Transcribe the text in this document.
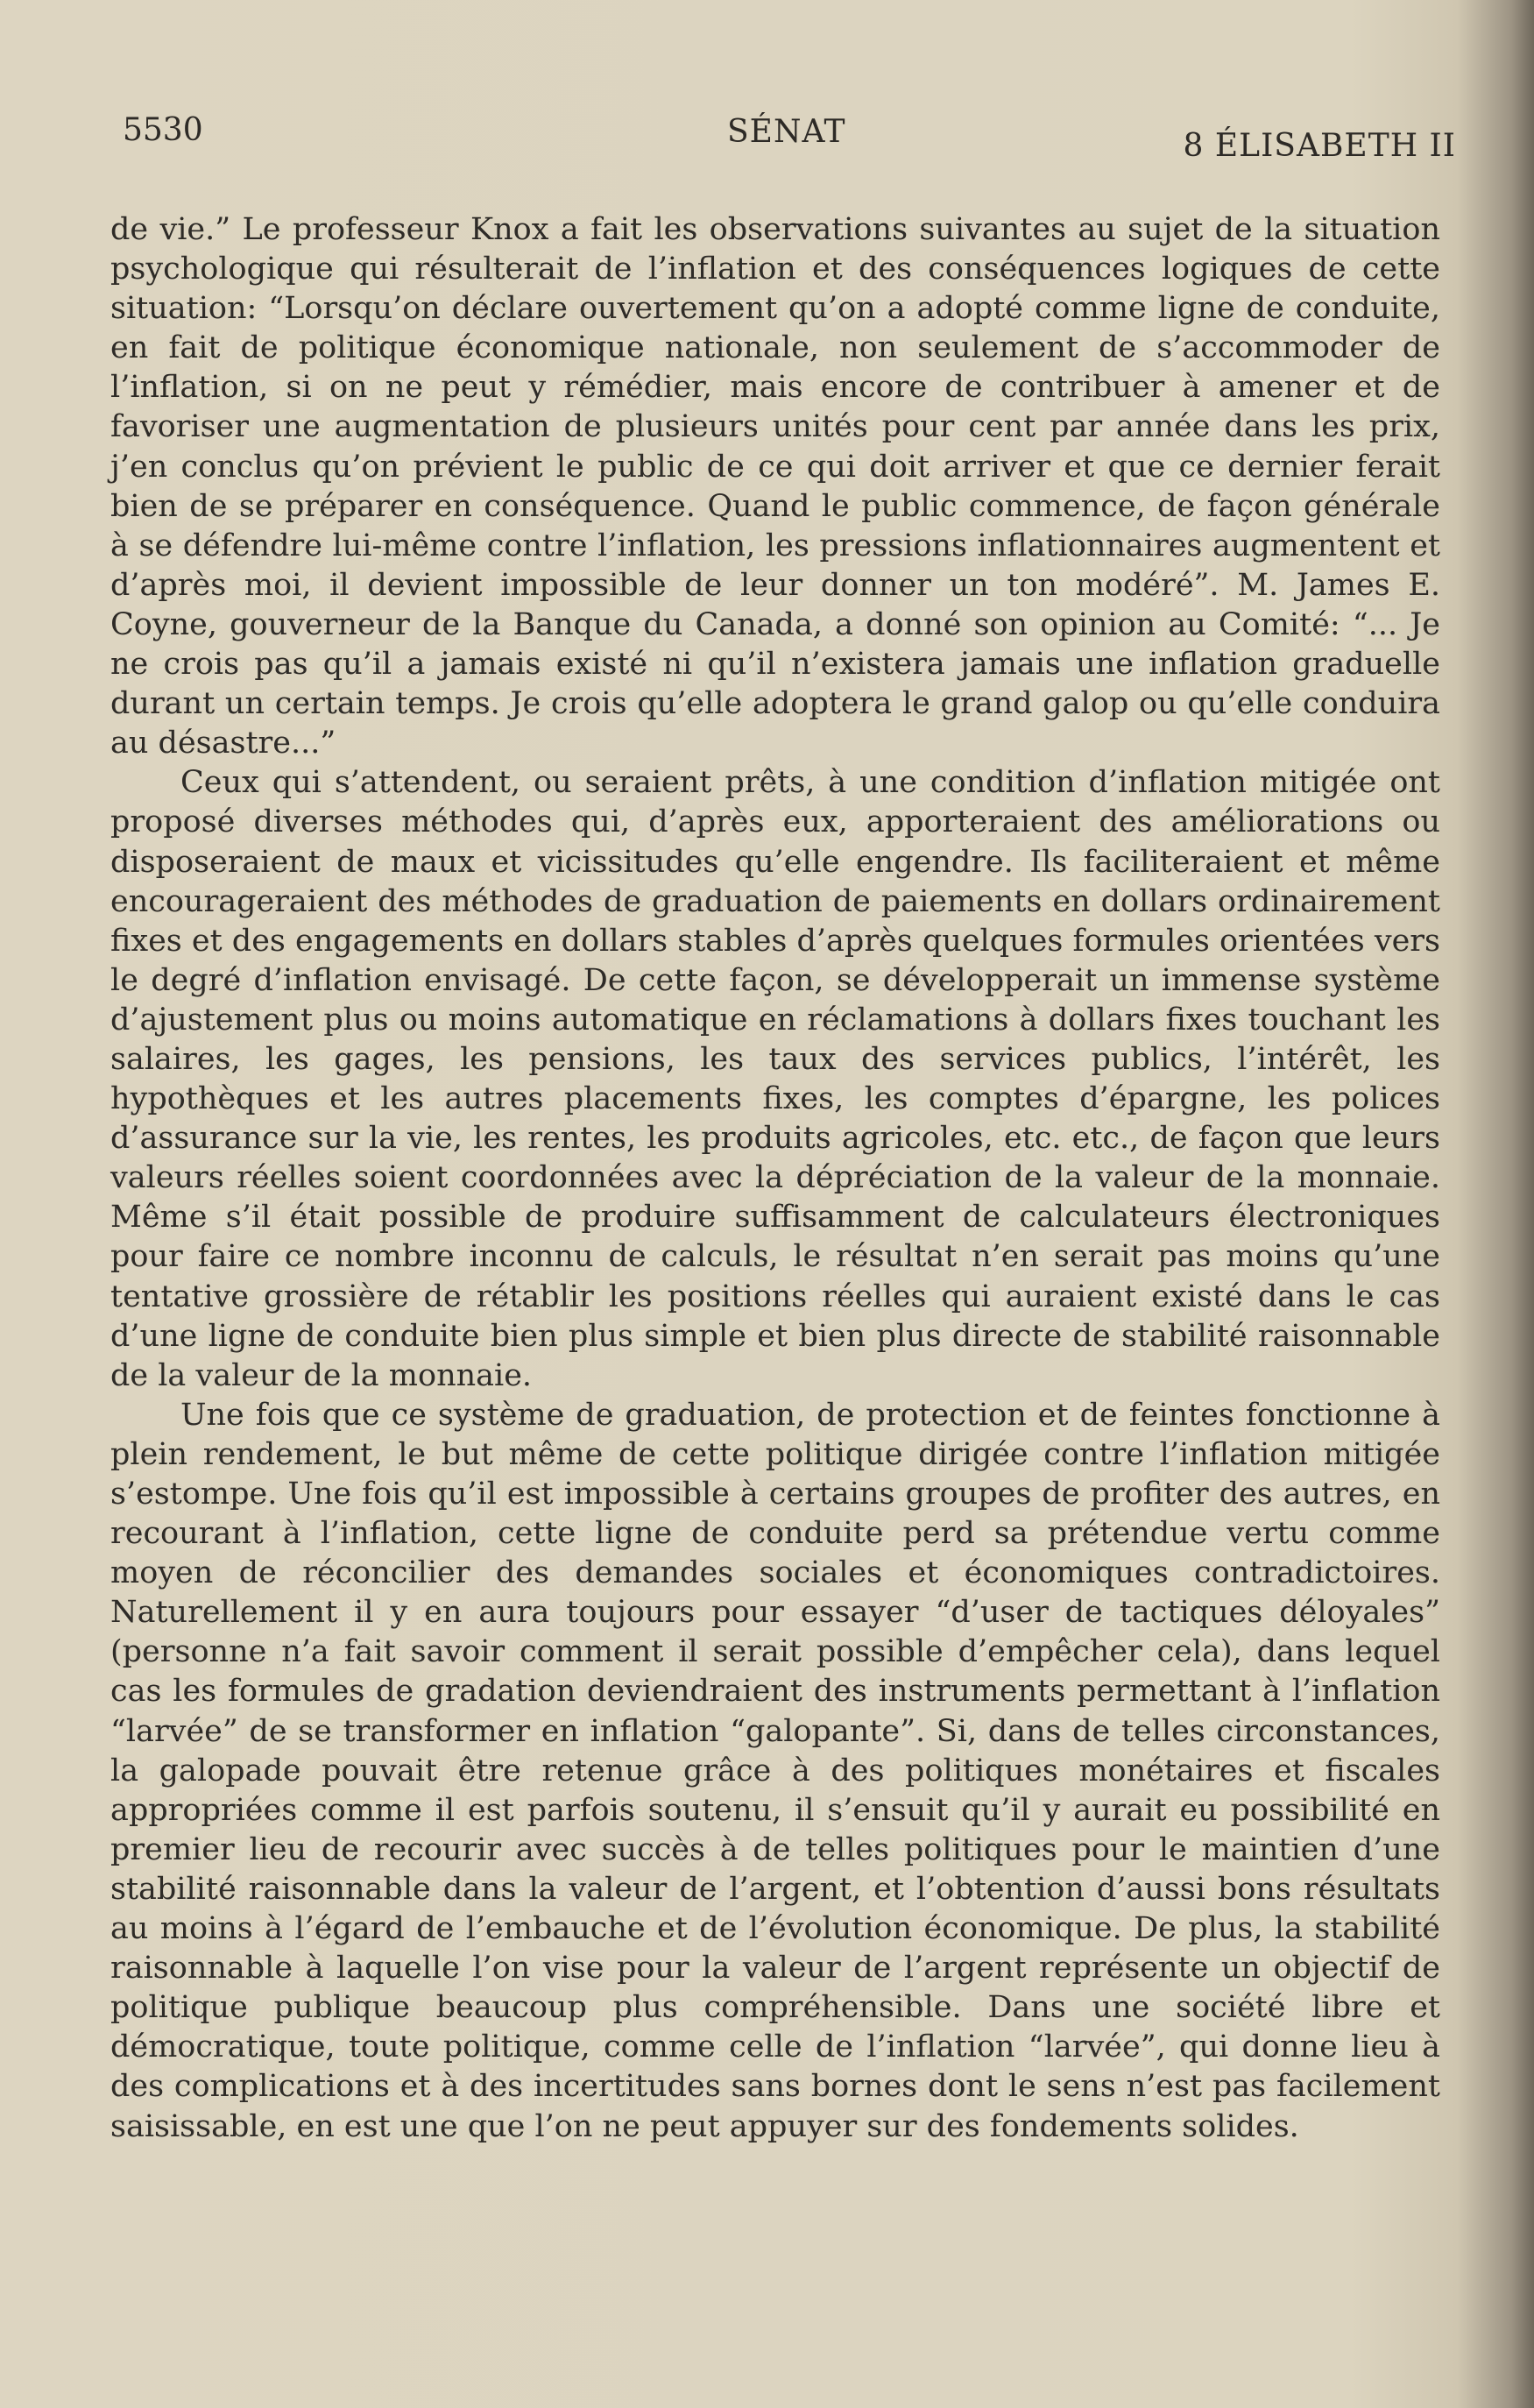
5530	SÉNAT	8 ÉLISABETH II

de vie.” Le professeur Knox a fait les observations suivantes au sujet de la situation psychologique qui résulterait de l’inflation et des conséquences logiques de cette situation: “Lorsqu’on déclare ouvertement qu’on a adopté comme ligne de conduite, en fait de politique économique nationale, non seulement de s’accommoder de l’inflation, si on ne peut y rémédier, mais encore de contribuer à amener et de favoriser une augmentation de plusieurs unités pour cent par année dans les prix, j’en conclus qu’on prévient le public de ce qui doit arriver et que ce dernier ferait bien de se préparer en conséquence. Quand le public commence, de façon générale à se défendre lui-même contre l’inflation, les pressions inflationnaires augmentent et d’après moi, il devient impossible de leur donner un ton modéré”. M. James E. Coyne, gouverneur de la Banque du Canada, a donné son opinion au Comité: “... Je ne crois pas qu’il a jamais existé ni qu’il n’existera jamais une inflation graduelle durant un certain temps. Je crois qu’elle adoptera le grand galop ou qu’elle conduira au désastre...”

Ceux qui s’attendent, ou seraient prêts, à une condition d’inflation mitigée ont proposé diverses méthodes qui, d’après eux, apporteraient des améliorations ou disposeraient de maux et vicissitudes qu’elle engendre. Ils faciliteraient et même encourageraient des méthodes de graduation de paiements en dollars ordinairement fixes et des engagements en dollars stables d’après quelques formules orientées vers le degré d’inflation envisagé. De cette façon, se développerait un immense système d’ajustement plus ou moins automatique en réclamations à dollars fixes touchant les salaires, les gages, les pensions, les taux des services publics, l’intérêt, les hypothèques et les autres placements fixes, les comptes d’épargne, les polices d’assurance sur la vie, les rentes, les produits agricoles, etc. etc., de façon que leurs valeurs réelles soient coordonnées avec la dépréciation de la valeur de la monnaie. Même s’il était possible de produire suffisamment de calculateurs électroniques pour faire ce nombre inconnu de calculs, le résultat n’en serait pas moins qu’une tentative grossière de rétablir les positions réelles qui auraient existé dans le cas d’une ligne de conduite bien plus simple et bien plus directe de stabilité raisonnable de la valeur de la monnaie.

Une fois que ce système de graduation, de protection et de feintes fonctionne à plein rendement, le but même de cette politique dirigée contre l’inflation mitigée s’estompe. Une fois qu’il est impossible à certains groupes de profiter des autres, en recourant à l’inflation, cette ligne de conduite perd sa prétendue vertu comme moyen de réconcilier des demandes sociales et économiques contradictoires. Naturellement il y en aura toujours pour essayer “d’user de tactiques déloyales” (personne n’a fait savoir comment il serait possible d’empêcher cela), dans lequel cas les formules de gradation deviendraient des instruments permettant à l’inflation “larvée” de se transformer en inflation “galopante”. Si, dans de telles circonstances, la galopade pouvait être retenue grâce à des politiques monétaires et fiscales appropriées comme il est parfois soutenu, il s’ensuit qu’il y aurait eu possibilité en premier lieu de recourir avec succès à de telles politiques pour le maintien d’une stabilité raisonnable dans la valeur de l’argent, et l’obtention d’aussi bons résultats au moins à l’égard de l’embauche et de l’évolution économique. De plus, la stabilité raisonnable à laquelle l’on vise pour la valeur de l’argent représente un objectif de politique publique beaucoup plus compréhensible. Dans une société libre et démocratique, toute politique, comme celle de l’inflation “larvée”, qui donne lieu à des complications et à des incertitudes sans bornes dont le sens n’est pas facilement saisissable, en est une que l’on ne peut appuyer sur des fondements solides.
